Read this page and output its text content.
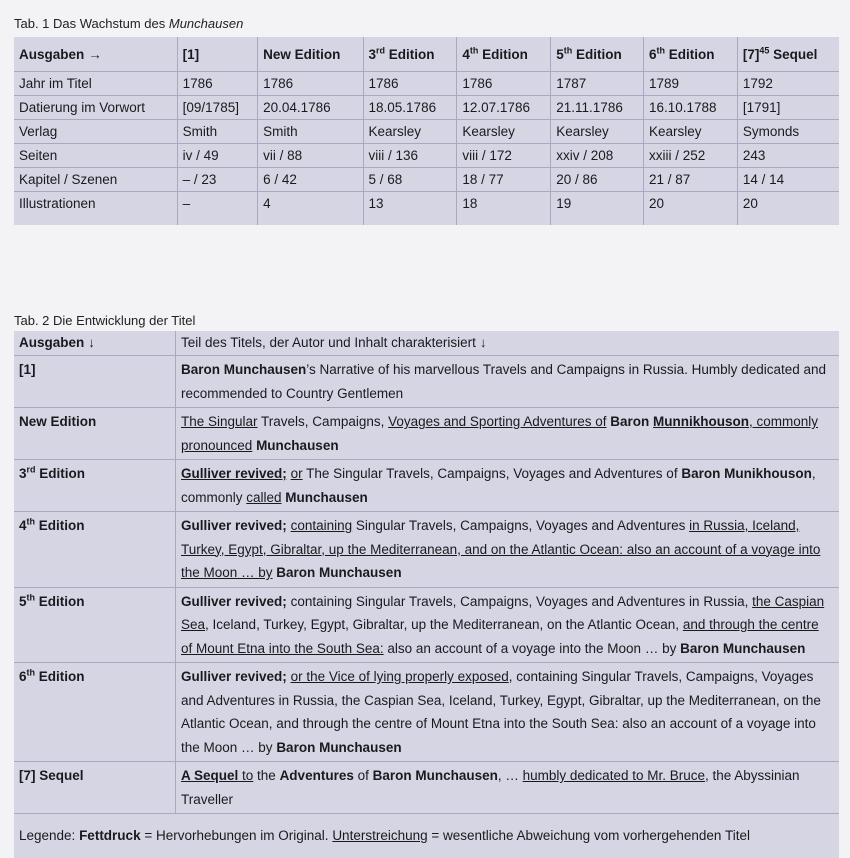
Tab. 1 Das Wachstum des Munchausen
Ausgaben →	[1]	New Edition	3rd Edition	4th Edition	5th Edition	6th Edition	$[7]^{45}$ Sequel
Jahr im Titel	1786	1786	1786	1786	1787	1789	1792
Datierung im Vorwort	[09/1785]	20.04.1786	18.05.1786	12.07.1786	21.11.1786	16.10.1788	[1791]
Verlag	Smith	Smith	Kearsley	Kearsley	Kearsley	Kearsley	Symonds
Seiten	iv / 49	vii / 88	viii / 136	viii / 172	xxiv / 208	xxiii / 252	243
Kapitel / Szenen	– / 23	6 / 42	5 / 68	18 / 77	20 / 86	21 / 87	14 / 14
Illustrationen	–	4	13	18	19	20	20

Tab. 2 Die Entwicklung der Titel
Ausgaben ↓	Teil des Titels, der Autor und Inhalt charakterisiert ↓
[1]	Baron Munchausen’s Narrative of his marvellous Travels and Campaigns in Russia. Humbly dedicated and recommended to Country Gentlemen
New Edition	The Singular Travels, Campaigns, Voyages and Sporting Adventures of Baron Munnikhouson, commonly pronounced Munchausen
3rd Edition	Gulliver revived; or The Singular Travels, Campaigns, Voyages and Adventures of Baron Munikhouson, commonly called Munchausen
4th Edition	Gulliver revived; containing Singular Travels, Campaigns, Voyages and Adventures in Russia, Iceland, Turkey, Egypt, Gibraltar, up the Mediterranean, and on the Atlantic Ocean: also an account of a voyage into the Moon … by Baron Munchausen
5th Edition	Gulliver revived; containing Singular Travels, Campaigns, Voyages and Adventures in Russia, the Caspian Sea, Iceland, Turkey, Egypt, Gibraltar, up the Mediterranean, on the Atlantic Ocean, and through the centre of Mount Etna into the South Sea: also an account of a voyage into the Moon … by Baron Munchausen
6th Edition	Gulliver revived; or the Vice of lying properly exposed, containing Singular Travels, Campaigns, Voyages and Adventures in Russia, the Caspian Sea, Iceland, Turkey, Egypt, Gibraltar, up the Mediterranean, on the Atlantic Ocean, and through the centre of Mount Etna into the South Sea: also an account of a voyage into the Moon … by Baron Munchausen
[7] Sequel	A Sequel to the Adventures of Baron Munchausen, … humbly dedicated to Mr. Bruce, the Abyssinian Traveller
Legende: Fettdruck = Hervorhebungen im Original. Unterstreichung = wesentliche Abweichung vom vorhergehenden Titel	
